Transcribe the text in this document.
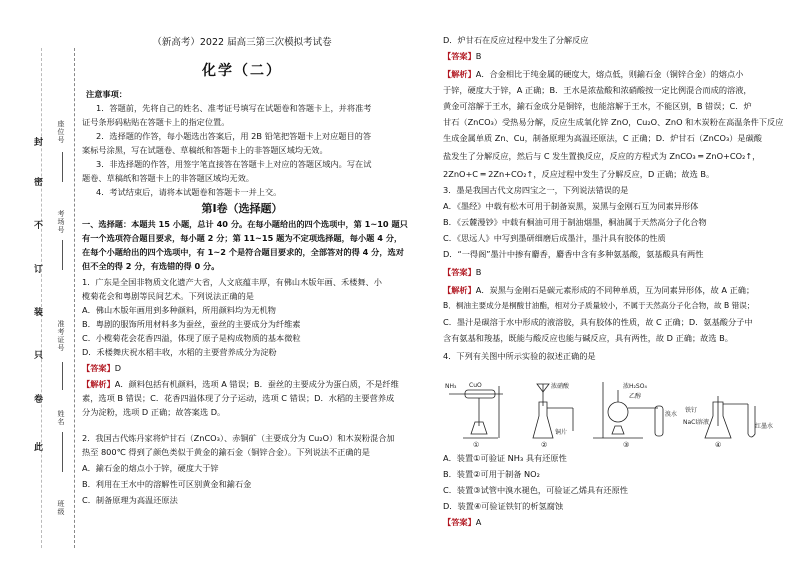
封
密
不
订
装
只
卷
此
座位号
考场号
准考证号
姓名
班级
（新高考）2022 届高三第三次模拟考试卷
化学（二）
注意事项：
1．答题前，先将自己的姓名、准考证号填写在试题卷和答题卡上，并将准考
证号条形码粘贴在答题卡上的指定位置。
2．选择题的作答，每小题选出答案后，用 2B 铅笔把答题卡上对应题目的答
案标号涂黑，写在试题卷、草稿纸和答题卡上的非答题区域均无效。
3．非选择题的作答，用签字笔直接答在答题卡上对应的答题区域内。写在试
题卷、草稿纸和答题卡上的非答题区域均无效。
4．考试结束后，请将本试题卷和答题卡一并上交。
第Ⅰ卷（选择题）
一、选择题：本题共 15 小题，总计 40 分。在每小题给出的四个选项中，第 1~10 题只
有一个选项符合题目要求，每小题 2 分；第 11~15 题为不定项选择题，每小题 4 分，
在每个小题给出的四个选项中，有 1~2 个是符合题目要求的，全部答对的得 4 分，选对
但不全的得 2 分，有选错的得 0 分。
1．广东是全国非物质文化遗产大省，人文底蕴丰厚，有佛山木版年画、禾楼舞、小
榄菊花会和粤剧等民间艺术。下列说法正确的是
A．佛山木版年画用到多种颜料，所用颜料均为无机物
B．粤剧的服饰所用材料多为蚕丝，蚕丝的主要成分为纤维素
C．小榄菊花会花香四溢，体现了原子是构成物质的基本微粒
D．禾楼舞庆祝水稻丰收，水稻的主要营养成分为淀粉
【答案】D
【解析】A．颜料包括有机颜料，选项 A 错误；B．蚕丝的主要成分为蛋白质，不是纤维
素，选项 B 错误；C．花香四溢体现了分子运动，选项 C 错误；D．水稻的主要营养成
分为淀粉，选项 D 正确；故答案选 D。
2．我国古代炼丹家将炉甘石（ZnCO₃）、赤铜矿（主要成分为 Cu₂O）和木炭粉混合加
热至 800℃ 得到了颜色类似于黄金的鍮石金（铜锌合金）。下列说法不正确的是
A．鍮石金的熔点小于锌，硬度大于锌
B．利用在王水中的溶解性可区别黄金和鍮石金
C．制备原理为高温还原法
D．炉甘石在反应过程中发生了分解反应
【答案】B
【解析】A．合金相比于纯金属的硬度大，熔点低，则鍮石金（铜锌合金）的熔点小
于锌，硬度大于锌，A 正确；B．王水是浓盐酸和浓硝酸按一定比例混合而成的溶液，
黄金可溶解于王水，鍮石金成分是铜锌，也能溶解于王水，不能区别，B 错误；C．炉
甘石（ZnCO₃）受热易分解，反应生成氧化锌 ZnO，Cu₂O、ZnO 和木炭粉在高温条件下反应
生成金属单质 Zn、Cu，制备原理为高温还原法，C 正确；D．炉甘石（ZnCO₃）是碳酸
盐发生了分解反应，然后与 C 发生置换反应，反应的方程式为 ZnCO₃ ═ ZnO+CO₂↑，
2ZnO+C ═ 2Zn+CO₂↑，反应过程中发生了分解反应，D 正确；故选 B。
3．墨是我国古代文房四宝之一，下列说法错误的是
A．《墨经》中载有松木可用于制备炭黑，炭黑与金刚石互为同素异形体
B．《云麓漫钞》中载有桐油可用于制油烟墨，桐油属于天然高分子化合物
C．《思远人》中写到墨研细磨后成墨汁，墨汁具有胶体的性质
D．“一得阁”墨汁中掺有麝香，麝香中含有多种氨基酸，氨基酸具有两性
【答案】B
【解析】A．炭黑与金刚石是碳元素形成的不同种单质，互为同素异形体，故 A 正确；
B．桐油主要成分是桐酸甘油酯，相对分子质量较小，不属于天然高分子化合物，故 B 错误；
C．墨汁是碳溶于水中形成的液溶胶，具有胶体的性质，故 C 正确；D．氨基酸分子中
含有氨基和羧基，既能与酸反应也能与碱反应，具有两性，故 D 正确；故选 B。
4．下列有关图中所示实验的叙述正确的是
NH₃ CuO	浓硝酸
铜片
浓H₂SO₄
乙醇
溴水
铁钉
NaCl溶液
红墨水
①	②	③	④
A．装置①可验证 NH₃ 具有还原性
B．装置②可用于制备 NO₂
C．装置③试管中溴水褪色，可验证乙烯具有还原性
D．装置④可验证铁钉的析氢腐蚀
【答案】A
